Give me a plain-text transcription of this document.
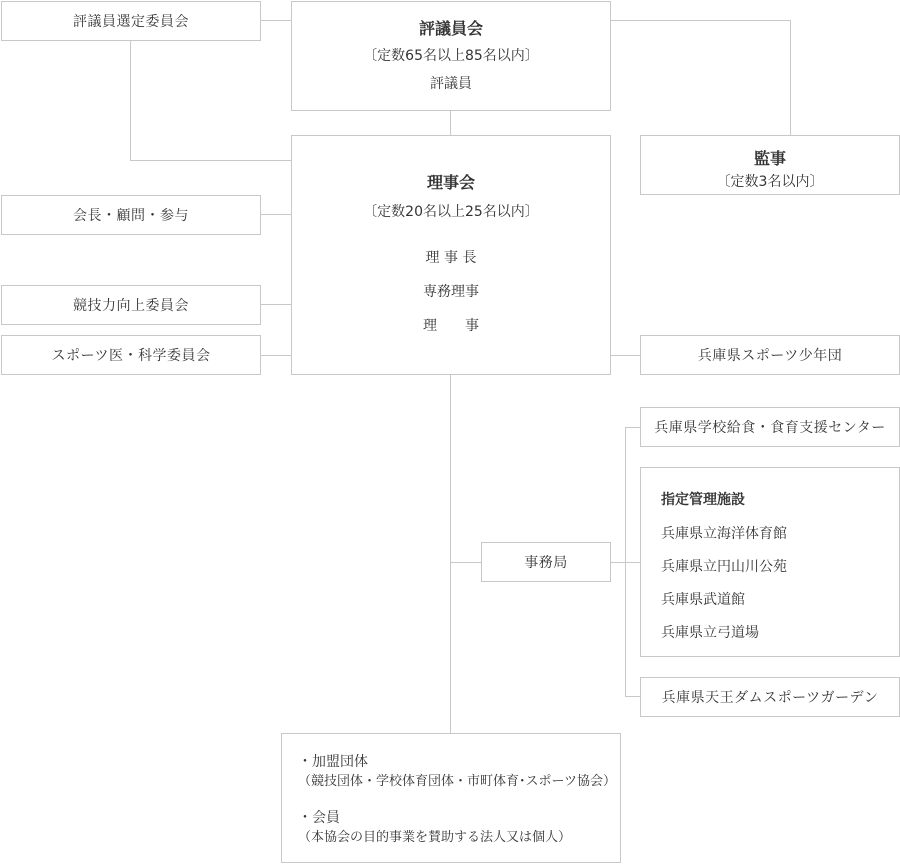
評議員選定委員会	評議員会
〔定数65名以上85名以内〕
評議員
監事
〔定数3名以内〕
理事会
〔定数20名以上25名以内〕
理 事 長
専務理事
理　　事
会長・顧問・参与
競技力向上委員会
スポーツ医・科学委員会	兵庫県スポーツ少年団
兵庫県学校給食・食育支援センター
事務局
指定管理施設
兵庫県立海洋体育館
兵庫県立円山川公苑
兵庫県武道館
兵庫県立弓道場
兵庫県天王ダムスポーツガーデン
・加盟団体
（競技団体・学校体育団体・市町体育･スポーツ協会）
・会員
（本協会の目的事業を賛助する法人又は個人）
